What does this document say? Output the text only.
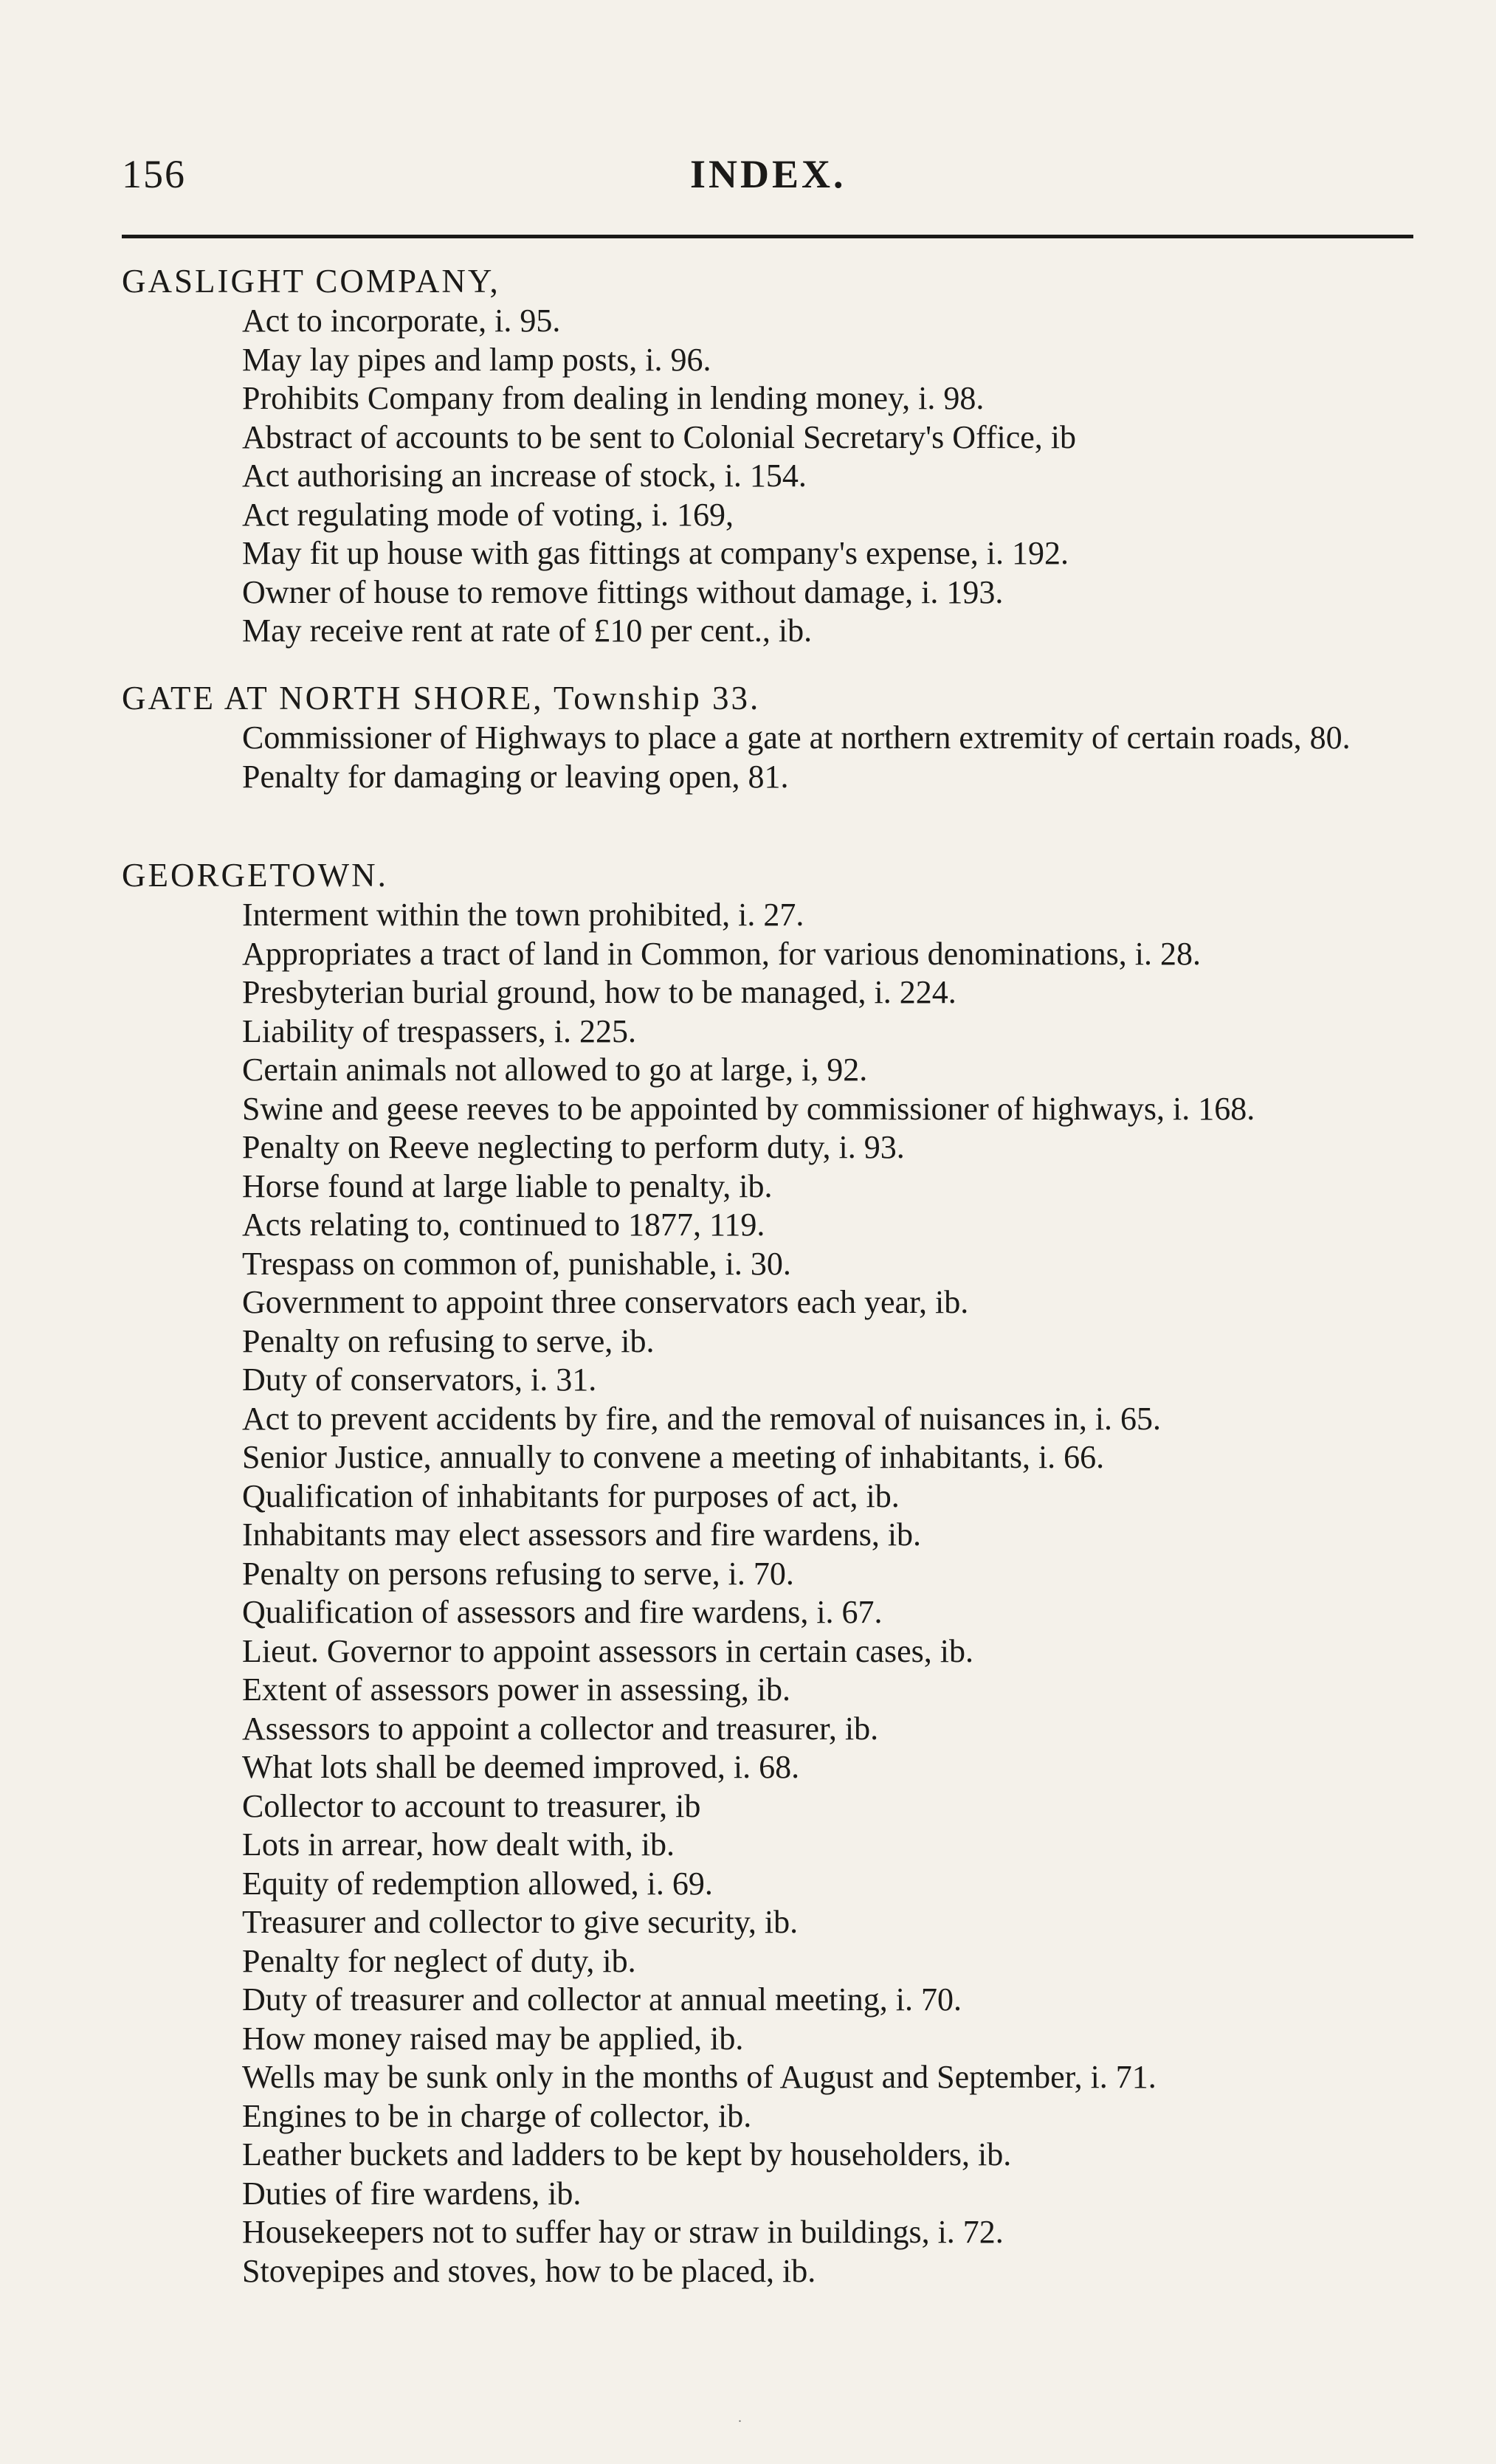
156	INDEX.
GASLIGHT COMPANY,
Act to incorporate, i. 95.
May lay pipes and lamp posts, i. 96.
Prohibits Company from dealing in lending money, i. 98.
Abstract of accounts to be sent to Colonial Secretary's Office, ib
Act authorising an increase of stock, i. 154.
Act regulating mode of voting, i. 169,
May fit up house with gas fittings at company's expense, i. 192.
Owner of house to remove fittings without damage, i. 193.
May receive rent at rate of £10 per cent., ib.
GATE AT NORTH SHORE, Township 33.
Commissioner of Highways to place a gate at northern extremity of certain roads, 80.
Penalty for damaging or leaving open, 81.
GEORGETOWN.
Interment within the town prohibited, i. 27.
Appropriates a tract of land in Common, for various denominations, i. 28.
Presbyterian burial ground, how to be managed, i. 224.
Liability of trespassers, i. 225.
Certain animals not allowed to go at large, i, 92.
Swine and geese reeves to be appointed by commissioner of highways, i. 168.
Penalty on Reeve neglecting to perform duty, i. 93.
Horse found at large liable to penalty, ib.
Acts relating to, continued to 1877, 119.
Trespass on common of, punishable, i. 30.
Government to appoint three conservators each year, ib.
Penalty on refusing to serve, ib.
Duty of conservators, i. 31.
Act to prevent accidents by fire, and the removal of nuisances in, i. 65.
Senior Justice, annually to convene a meeting of inhabitants, i. 66.
Qualification of inhabitants for purposes of act, ib.
Inhabitants may elect assessors and fire wardens, ib.
Penalty on persons refusing to serve, i. 70.
Qualification of assessors and fire wardens, i. 67.
Lieut. Governor to appoint assessors in certain cases, ib.
Extent of assessors power in assessing, ib.
Assessors to appoint a collector and treasurer, ib.
What lots shall be deemed improved, i. 68.
Collector to account to treasurer, ib
Lots in arrear, how dealt with, ib.
Equity of redemption allowed, i. 69.
Treasurer and collector to give security, ib.
Penalty for neglect of duty, ib.
Duty of treasurer and collector at annual meeting, i. 70.
How money raised may be applied, ib.
Wells may be sunk only in the months of August and September, i. 71.
Engines to be in charge of collector, ib.
Leather buckets and ladders to be kept by householders, ib.
Duties of fire wardens, ib.
Housekeepers not to suffer hay or straw in buildings, i. 72.
Stovepipes and stoves, how to be placed, ib.
.
